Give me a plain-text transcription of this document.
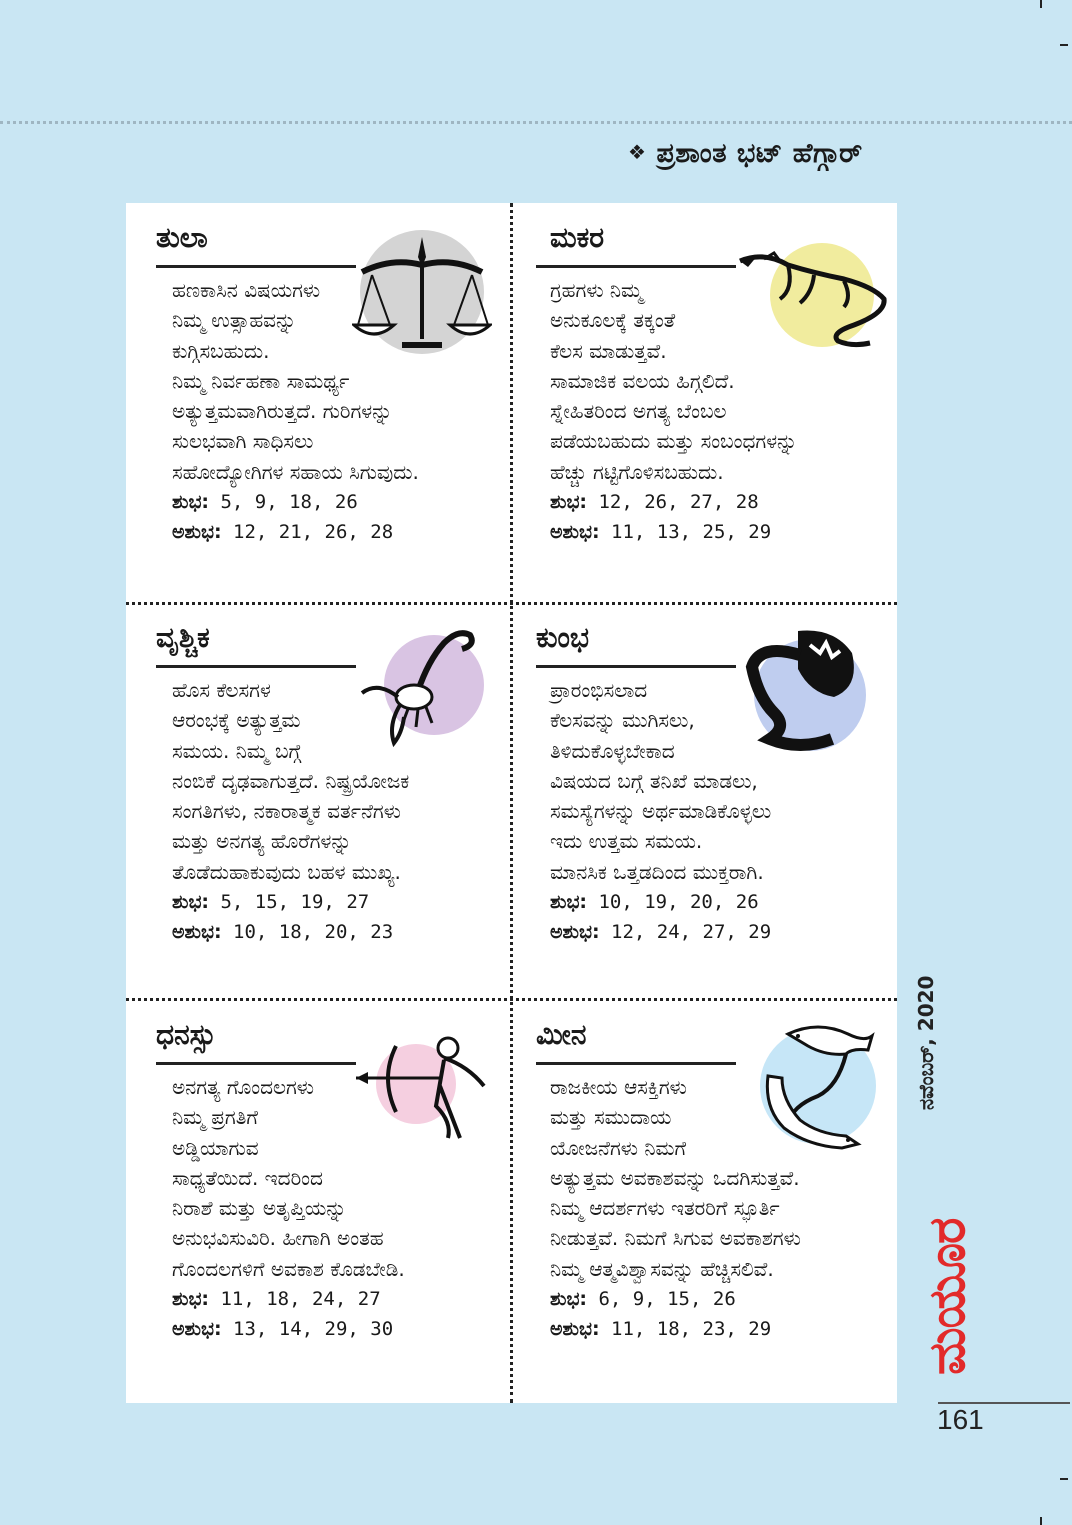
❖ ಪ್ರಶಾಂತ ಭಟ್ ಹೆಗ್ಗಾರ್
ತುಲಾ
ಹಣಕಾಸಿನ ವಿಷಯಗಳು
ನಿಮ್ಮ ಉತ್ಸಾಹವನ್ನು
ಕುಗ್ಗಿಸಬಹುದು.
ನಿಮ್ಮ ನಿರ್ವಹಣಾ ಸಾಮರ್ಥ್ಯ
ಅತ್ಯುತ್ತಮವಾಗಿರುತ್ತದೆ. ಗುರಿಗಳನ್ನು
ಸುಲಭವಾಗಿ ಸಾಧಿಸಲು
ಸಹೋದ್ಯೋಗಿಗಳ ಸಹಾಯ ಸಿಗುವುದು.
ಶುಭ: 5, 9, 18, 26
ಅಶುಭ: 12, 21, 26, 28
ಮಕರ
ಗ್ರಹಗಳು ನಿಮ್ಮ
ಅನುಕೂಲಕ್ಕೆ ತಕ್ಕಂತೆ
ಕೆಲಸ ಮಾಡುತ್ತವೆ.
ಸಾಮಾಜಿಕ ವಲಯ ಹಿಗ್ಗಲಿದೆ.
ಸ್ನೇಹಿತರಿಂದ ಅಗತ್ಯ ಬೆಂಬಲ
ಪಡೆಯಬಹುದು ಮತ್ತು ಸಂಬಂಧಗಳನ್ನು
ಹೆಚ್ಚು ಗಟ್ಟಿಗೊಳಿಸಬಹುದು.
ಶುಭ: 12, 26, 27, 28
ಅಶುಭ: 11, 13, 25, 29
ವೃಶ್ಚಿಕ
ಹೊಸ ಕೆಲಸಗಳ
ಆರಂಭಕ್ಕೆ ಅತ್ಯುತ್ತಮ
ಸಮಯ. ನಿಮ್ಮ ಬಗ್ಗೆ
ನಂಬಿಕೆ ದೃಢವಾಗುತ್ತದೆ. ನಿಷ್ಪ್ರಯೋಜಕ
ಸಂಗತಿಗಳು, ನಕಾರಾತ್ಮಕ ವರ್ತನೆಗಳು
ಮತ್ತು ಅನಗತ್ಯ ಹೊರೆಗಳನ್ನು
ತೊಡೆದುಹಾಕುವುದು ಬಹಳ ಮುಖ್ಯ.
ಶುಭ: 5, 15, 19, 27
ಅಶುಭ: 10, 18, 20, 23
ಕುಂಭ
ಪ್ರಾರಂಭಿಸಲಾದ
ಕೆಲಸವನ್ನು ಮುಗಿಸಲು,
ತಿಳಿದುಕೊಳ್ಳಬೇಕಾದ
ವಿಷಯದ ಬಗ್ಗೆ ತನಿಖೆ ಮಾಡಲು,
ಸಮಸ್ಯೆಗಳನ್ನು ಅರ್ಥಮಾಡಿಕೊಳ್ಳಲು
ಇದು ಉತ್ತಮ ಸಮಯ.
ಮಾನಸಿಕ ಒತ್ತಡದಿಂದ ಮುಕ್ತರಾಗಿ.
ಶುಭ: 10, 19, 20, 26
ಅಶುಭ: 12, 24, 27, 29
ಧನಸ್ಸು
ಅನಗತ್ಯ ಗೊಂದಲಗಳು
ನಿಮ್ಮ ಪ್ರಗತಿಗೆ
ಅಡ್ಡಿಯಾಗುವ
ಸಾಧ್ಯತೆಯಿದೆ. ಇದರಿಂದ
ನಿರಾಶೆ ಮತ್ತು ಅತೃಪ್ತಿಯನ್ನು
ಅನುಭವಿಸುವಿರಿ. ಹೀಗಾಗಿ ಅಂತಹ
ಗೊಂದಲಗಳಿಗೆ ಅವಕಾಶ ಕೊಡಬೇಡಿ.
ಶುಭ: 11, 18, 24, 27
ಅಶುಭ: 13, 14, 29, 30
ಮೀನ
ರಾಜಕೀಯ ಆಸಕ್ತಿಗಳು
ಮತ್ತು ಸಮುದಾಯ
ಯೋಜನೆಗಳು ನಿಮಗೆ
ಅತ್ಯುತ್ತಮ ಅವಕಾಶವನ್ನು ಒದಗಿಸುತ್ತವೆ.
ನಿಮ್ಮ ಆದರ್ಶಗಳು ಇತರರಿಗೆ ಸ್ಫೂರ್ತಿ
ನೀಡುತ್ತವೆ. ನಿಮಗೆ ಸಿಗುವ ಅವಕಾಶಗಳು
ನಿಮ್ಮ ಆತ್ಮವಿಶ್ವಾಸವನ್ನು ಹೆಚ್ಚಿಸಲಿವೆ.
ಶುಭ: 6, 9, 15, 26
ಅಶುಭ: 11, 18, 23, 29
ನವೆಂಬರ್, 2020
ಮಯೂರ
161
